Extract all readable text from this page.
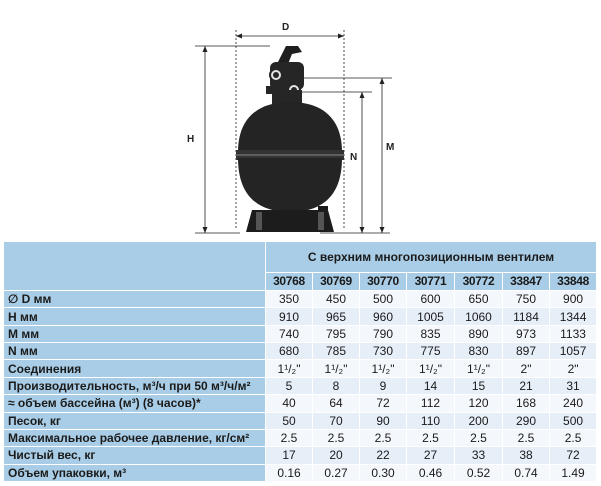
D
H
N
M
	С верхним многопозиционным вентилем						
	30768	30769	30770	30771	30772	33847	33848
∅ D мм	350	450	500	600	650	750	900
H мм	910	965	960	1005	1060	1184	1344
M мм	740	795	790	835	890	973	1133
N мм	680	785	730	775	830	897	1057
Соединения	1¹/₂"	1¹/₂"	1¹/₂"	1¹/₂"	1¹/₂"	2"	2"
Производительность, м³/ч при 50 м³/ч/м²	5	8	9	14	15	21	31
≈ объем бассейна (м³) (8 часов)*	40	64	72	112	120	168	240
Песок, кг	50	70	90	110	200	290	500
Максимальное рабочее давление, кг/см²	2.5	2.5	2.5	2.5	2.5	2.5	2.5
Чистый вес, кг	17	20	22	27	33	38	72
Объем упаковки, м³	0.16	0.27	0.30	0.46	0.52	0.74	1.49
